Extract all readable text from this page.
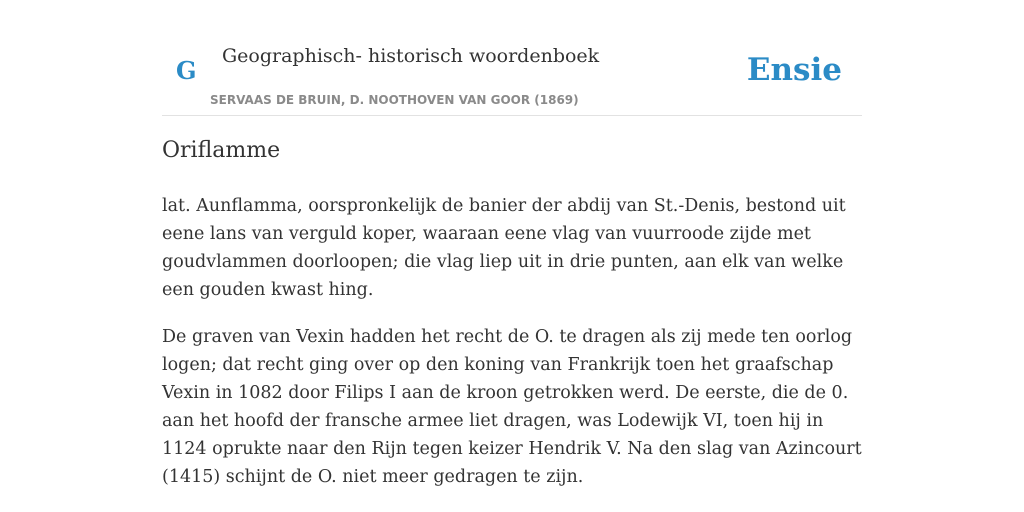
G Geographisch- historisch woordenboek
SERVAAS DE BRUIN, D. NOOTHOVEN VAN GOOR (1869)
Ensie
Oriflamme

lat. Aunflamma, oorspronkelijk de banier der abdij van St.-Denis, bestond uit eene lans van verguld koper, waaraan eene vlag van vuurroode zijde met goudvlammen doorloopen; die vlag liep uit in drie punten, aan elk van welke een gouden kwast hing.

De graven van Vexin hadden het recht de O. te dragen als zij mede ten oorlog logen; dat recht ging over op den koning van Frankrijk toen het graafschap Vexin in 1082 door Filips I aan de kroon getrokken werd. De eerste, die de 0. aan het hoofd der fransche armee liet dragen, was Lodewijk VI, toen hij in 1124 oprukte naar den Rijn tegen keizer Hendrik V. Na den slag van Azincourt (1415) schijnt de O. niet meer gedragen te zijn.
